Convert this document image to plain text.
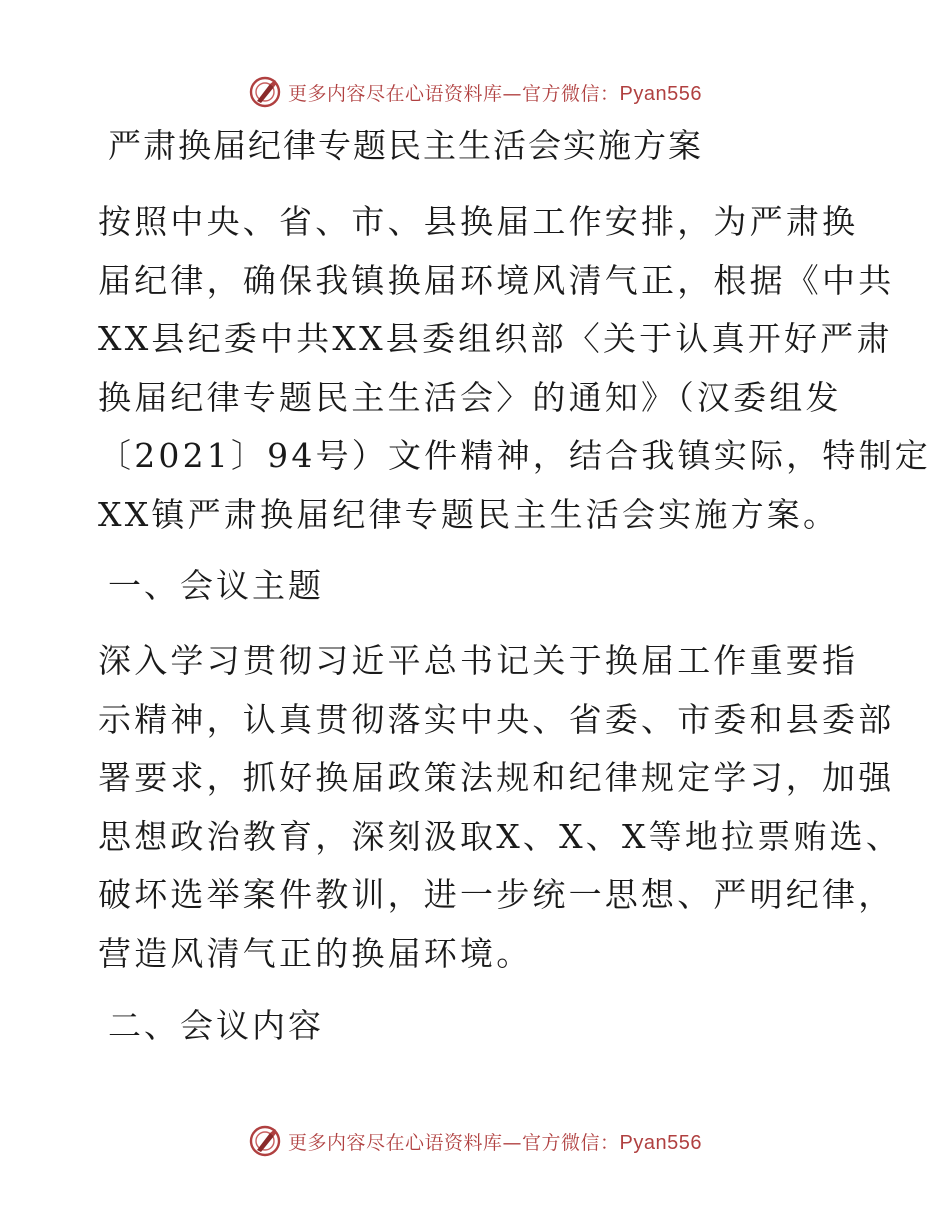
更多内容尽在心语资料库—官方微信：Pyan556
严肃换届纪律专题民主生活会实施方案
按照中央、省、市、县换届工作安排，为严肃换
届纪律，确保我镇换届环境风清气正，根据《中共
XX县纪委中共XX县委组织部〈关于认真开好严肃
换届纪律专题民主生活会〉的通知》（汉委组发
〔2021〕94号）文件精神，结合我镇实际，特制定
XX镇严肃换届纪律专题民主生活会实施方案。
一、会议主题
深入学习贯彻习近平总书记关于换届工作重要指
示精神，认真贯彻落实中央、省委、市委和县委部
署要求，抓好换届政策法规和纪律规定学习，加强
思想政治教育，深刻汲取X、X、X等地拉票贿选、
破坏选举案件教训，进一步统一思想、严明纪律，
营造风清气正的换届环境。
二、会议内容
更多内容尽在心语资料库—官方微信：Pyan556
